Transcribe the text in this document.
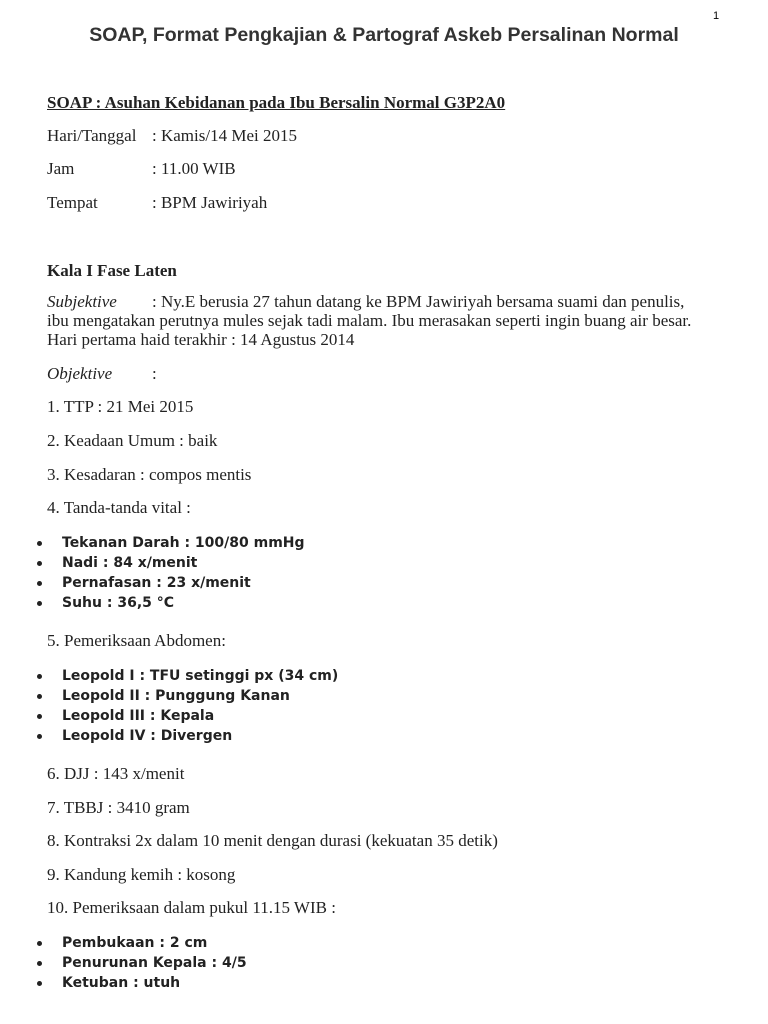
1
SOAP, Format Pengkajian & Partograf Askeb Persalinan Normal
SOAP : Asuhan Kebidanan pada Ibu Bersalin Normal G3P2A0
Hari/Tanggal : Kamis/14 Mei 2015
Jam	: 11.00 WIB
Tempat	: BPM Jawiriyah
Kala I Fase Laten

Subjektive : Ny.E berusia 27 tahun datang ke BPM Jawiriyah bersama suami dan penulis,

ibu mengatakan perutnya mules sejak tadi malam. Ibu merasakan seperti ingin buang air besar.

Hari pertama haid terakhir : 14 Agustus 2014

Objektive :
1. TTP : 21 Mei 2015
2. Keadaan Umum : baik
3. Kesadaran : compos mentis
4. Tanda-tanda vital :
Tekanan Darah : 100/80 mmHg
Nadi : 84 x/menit
Pernafasan : 23 x/menit
Suhu : 36,5 °C
5. Pemeriksaan Abdomen:
Leopold I : TFU setinggi px (34 cm)
Leopold II : Punggung Kanan
Leopold III : Kepala
Leopold IV : Divergen
6. DJJ : 143 x/menit
7. TBBJ : 3410 gram
8. Kontraksi 2x dalam 10 menit dengan durasi (kekuatan 35 detik)
9. Kandung kemih : kosong
10. Pemeriksaan dalam pukul 11.15 WIB :
Pembukaan : 2 cm
Penurunan Kepala : 4/5
Ketuban : utuh
